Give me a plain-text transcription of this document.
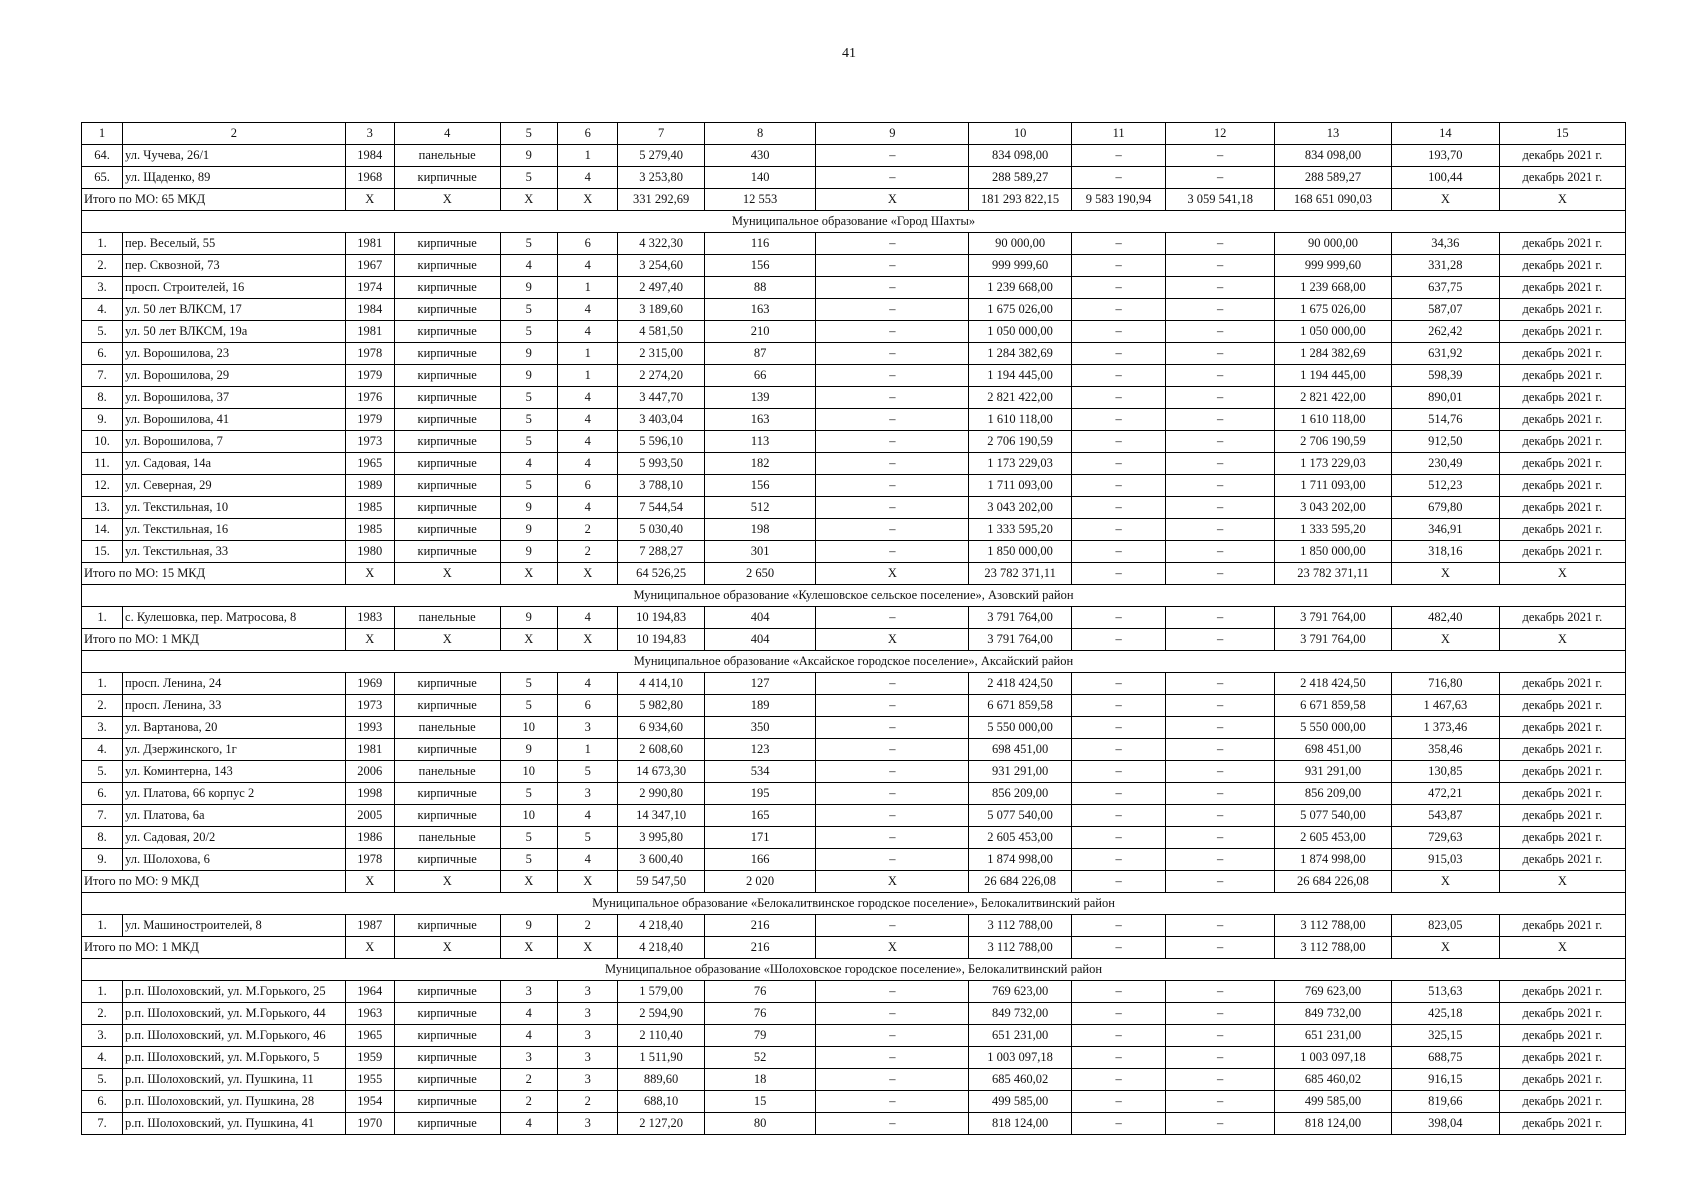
41
1	2	3	4	5	6	7	8	9	10	11	12	13	14	15
64.	ул. Чучева, 26/1	1984	панельные	9	1	5 279,40	430	–	834 098,00	–	–	834 098,00	193,70	декабрь 2021 г.
65.	ул. Щаденко, 89	1968	кирпичные	5	4	3 253,80	140	–	288 589,27	–	–	288 589,27	100,44	декабрь 2021 г.
Итого по МО: 65 МКД		X	X	X	X	331 292,69	12 553	X	181 293 822,15	9 583 190,94	3 059 541,18	168 651 090,03	X	X
Муниципальное образование «Город Шахты»														
1.	пер. Веселый, 55	1981	кирпичные	5	6	4 322,30	116	–	90 000,00	–	–	90 000,00	34,36	декабрь 2021 г.
2.	пер. Сквозной, 73	1967	кирпичные	4	4	3 254,60	156	–	999 999,60	–	–	999 999,60	331,28	декабрь 2021 г.
3.	просп. Строителей, 16	1974	кирпичные	9	1	2 497,40	88	–	1 239 668,00	–	–	1 239 668,00	637,75	декабрь 2021 г.
4.	ул. 50 лет ВЛКСМ, 17	1984	кирпичные	5	4	3 189,60	163	–	1 675 026,00	–	–	1 675 026,00	587,07	декабрь 2021 г.
5.	ул. 50 лет ВЛКСМ, 19а	1981	кирпичные	5	4	4 581,50	210	–	1 050 000,00	–	–	1 050 000,00	262,42	декабрь 2021 г.
6.	ул. Ворошилова, 23	1978	кирпичные	9	1	2 315,00	87	–	1 284 382,69	–	–	1 284 382,69	631,92	декабрь 2021 г.
7.	ул. Ворошилова, 29	1979	кирпичные	9	1	2 274,20	66	–	1 194 445,00	–	–	1 194 445,00	598,39	декабрь 2021 г.
8.	ул. Ворошилова, 37	1976	кирпичные	5	4	3 447,70	139	–	2 821 422,00	–	–	2 821 422,00	890,01	декабрь 2021 г.
9.	ул. Ворошилова, 41	1979	кирпичные	5	4	3 403,04	163	–	1 610 118,00	–	–	1 610 118,00	514,76	декабрь 2021 г.
10.	ул. Ворошилова, 7	1973	кирпичные	5	4	5 596,10	113	–	2 706 190,59	–	–	2 706 190,59	912,50	декабрь 2021 г.
11.	ул. Садовая, 14а	1965	кирпичные	4	4	5 993,50	182	–	1 173 229,03	–	–	1 173 229,03	230,49	декабрь 2021 г.
12.	ул. Северная, 29	1989	кирпичные	5	6	3 788,10	156	–	1 711 093,00	–	–	1 711 093,00	512,23	декабрь 2021 г.
13.	ул. Текстильная, 10	1985	кирпичные	9	4	7 544,54	512	–	3 043 202,00	–	–	3 043 202,00	679,80	декабрь 2021 г.
14.	ул. Текстильная, 16	1985	кирпичные	9	2	5 030,40	198	–	1 333 595,20	–	–	1 333 595,20	346,91	декабрь 2021 г.
15.	ул. Текстильная, 33	1980	кирпичные	9	2	7 288,27	301	–	1 850 000,00	–	–	1 850 000,00	318,16	декабрь 2021 г.
Итого по МО: 15 МКД		X	X	X	X	64 526,25	2 650	X	23 782 371,11	–	–	23 782 371,11	X	X
Муниципальное образование «Кулешовское сельское поселение», Азовский район														
1.	с. Кулешовка, пер. Матросова, 8	1983	панельные	9	4	10 194,83	404	–	3 791 764,00	–	–	3 791 764,00	482,40	декабрь 2021 г.
Итого по МО: 1 МКД		X	X	X	X	10 194,83	404	X	3 791 764,00	–	–	3 791 764,00	X	X
Муниципальное образование «Аксайское городское поселение», Аксайский район														
1.	просп. Ленина, 24	1969	кирпичные	5	4	4 414,10	127	–	2 418 424,50	–	–	2 418 424,50	716,80	декабрь 2021 г.
2.	просп. Ленина, 33	1973	кирпичные	5	6	5 982,80	189	–	6 671 859,58	–	–	6 671 859,58	1 467,63	декабрь 2021 г.
3.	ул. Вартанова, 20	1993	панельные	10	3	6 934,60	350	–	5 550 000,00	–	–	5 550 000,00	1 373,46	декабрь 2021 г.
4.	ул. Дзержинского, 1г	1981	кирпичные	9	1	2 608,60	123	–	698 451,00	–	–	698 451,00	358,46	декабрь 2021 г.
5.	ул. Коминтерна, 143	2006	панельные	10	5	14 673,30	534	–	931 291,00	–	–	931 291,00	130,85	декабрь 2021 г.
6.	ул. Платова, 66 корпус 2	1998	кирпичные	5	3	2 990,80	195	–	856 209,00	–	–	856 209,00	472,21	декабрь 2021 г.
7.	ул. Платова, 6а	2005	кирпичные	10	4	14 347,10	165	–	5 077 540,00	–	–	5 077 540,00	543,87	декабрь 2021 г.
8.	ул. Садовая, 20/2	1986	панельные	5	5	3 995,80	171	–	2 605 453,00	–	–	2 605 453,00	729,63	декабрь 2021 г.
9.	ул. Шолохова, 6	1978	кирпичные	5	4	3 600,40	166	–	1 874 998,00	–	–	1 874 998,00	915,03	декабрь 2021 г.
Итого по МО: 9 МКД		X	X	X	X	59 547,50	2 020	X	26 684 226,08	–	–	26 684 226,08	X	X
Муниципальное образование «Белокалитвинское городское поселение», Белокалитвинский район														
1.	ул. Машиностроителей, 8	1987	кирпичные	9	2	4 218,40	216	–	3 112 788,00	–	–	3 112 788,00	823,05	декабрь 2021 г.
Итого по МО: 1 МКД		X	X	X	X	4 218,40	216	X	3 112 788,00	–	–	3 112 788,00	X	X
Муниципальное образование «Шолоховское городское поселение», Белокалитвинский район														
1.	р.п. Шолоховский, ул. М.Горького, 25	1964	кирпичные	3	3	1 579,00	76	–	769 623,00	–	–	769 623,00	513,63	декабрь 2021 г.
2.	р.п. Шолоховский, ул. М.Горького, 44	1963	кирпичные	4	3	2 594,90	76	–	849 732,00	–	–	849 732,00	425,18	декабрь 2021 г.
3.	р.п. Шолоховский, ул. М.Горького, 46	1965	кирпичные	4	3	2 110,40	79	–	651 231,00	–	–	651 231,00	325,15	декабрь 2021 г.
4.	р.п. Шолоховский, ул. М.Горького, 5	1959	кирпичные	3	3	1 511,90	52	–	1 003 097,18	–	–	1 003 097,18	688,75	декабрь 2021 г.
5.	р.п. Шолоховский, ул. Пушкина, 11	1955	кирпичные	2	3	889,60	18	–	685 460,02	–	–	685 460,02	916,15	декабрь 2021 г.
6.	р.п. Шолоховский, ул. Пушкина, 28	1954	кирпичные	2	2	688,10	15	–	499 585,00	–	–	499 585,00	819,66	декабрь 2021 г.
7.	р.п. Шолоховский, ул. Пушкина, 41	1970	кирпичные	4	3	2 127,20	80	–	818 124,00	–	–	818 124,00	398,04	декабрь 2021 г.
